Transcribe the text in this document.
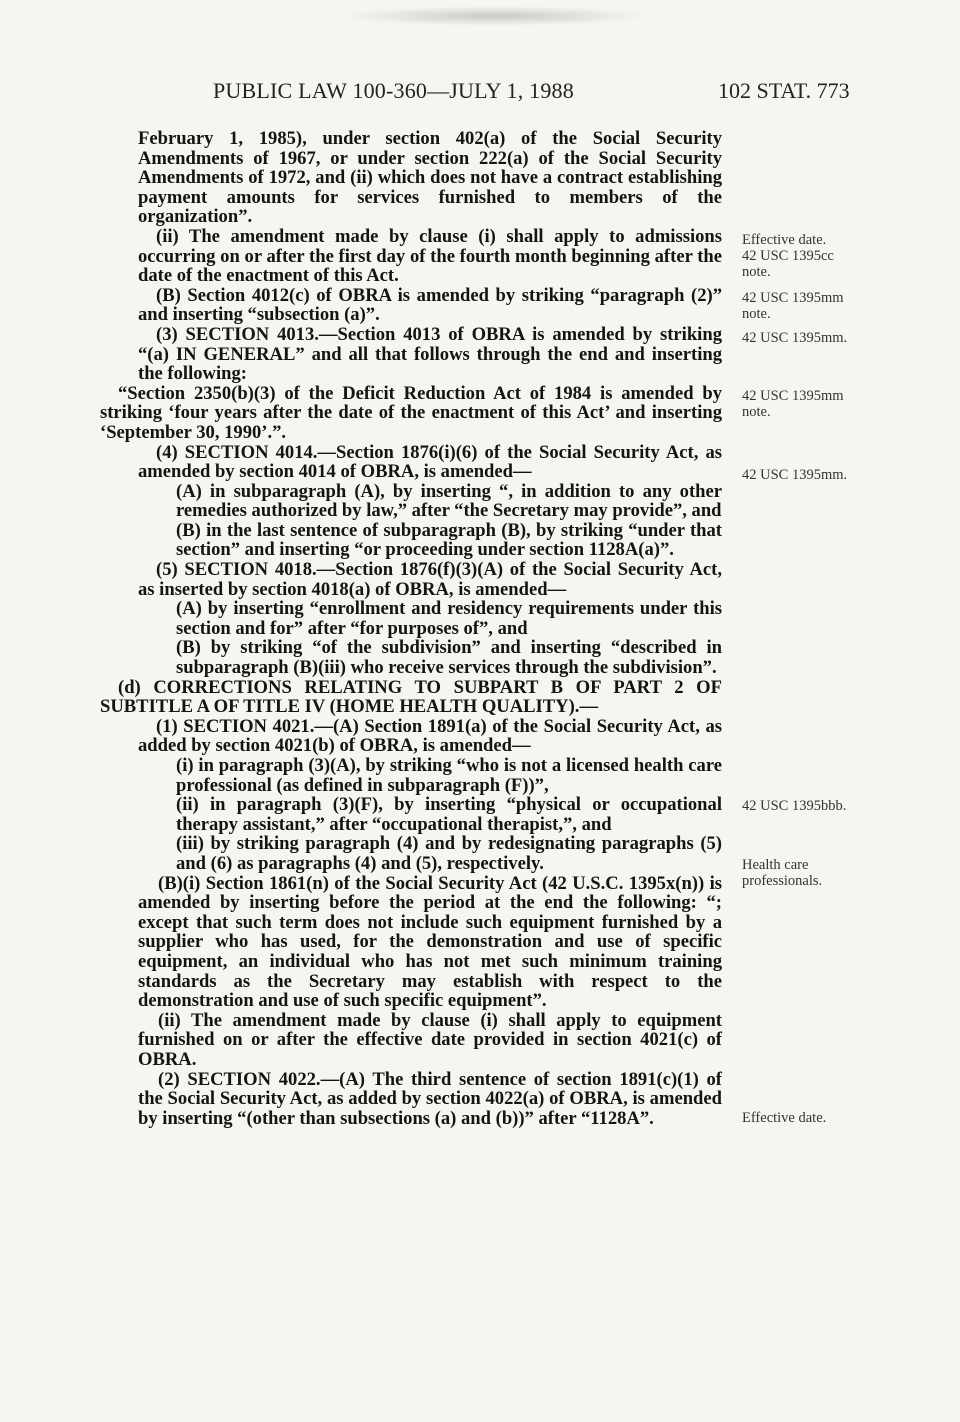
PUBLIC LAW 100-360—JULY 1, 1988	102 STAT. 773

February 1, 1985), under section 402(a) of the Social Security Amendments of 1967, or under section 222(a) of the Social Security Amendments of 1972, and (ii) which does not have a contract establishing payment amounts for services furnished to members of the organization”.

(ii) The amendment made by clause (i) shall apply to admissions occurring on or after the first day of the fourth month beginning after the date of the enactment of this Act.

(B) Section 4012(c) of OBRA is amended by striking “paragraph (2)” and inserting “subsection (a)”.

(3) SECTION 4013.—Section 4013 of OBRA is amended by striking “(a) IN GENERAL” and all that follows through the end and inserting the following:

“Section 2350(b)(3) of the Deficit Reduction Act of 1984 is amended by striking ‘four years after the date of the enactment of this Act’ and inserting ‘September 30, 1990’.”.

(4) SECTION 4014.—Section 1876(i)(6) of the Social Security Act, as amended by section 4014 of OBRA, is amended—

(A) in subparagraph (A), by inserting “, in addition to any other remedies authorized by law,” after “the Secretary may provide”, and

(B) in the last sentence of subparagraph (B), by striking “under that section” and inserting “or proceeding under section 1128A(a)”.

(5) SECTION 4018.—Section 1876(f)(3)(A) of the Social Security Act, as inserted by section 4018(a) of OBRA, is amended—

(A) by inserting “enrollment and residency requirements under this section and for” after “for purposes of”, and

(B) by striking “of the subdivision” and inserting “described in subparagraph (B)(iii) who receive services through the subdivision”.

(d) CORRECTIONS RELATING TO SUBPART B OF PART 2 OF SUBTITLE A OF TITLE IV (HOME HEALTH QUALITY).—

(1) SECTION 4021.—(A) Section 1891(a) of the Social Security Act, as added by section 4021(b) of OBRA, is amended—

(i) in paragraph (3)(A), by striking “who is not a licensed health care professional (as defined in subparagraph (F))”,

(ii) in paragraph (3)(F), by inserting “physical or occupational therapy assistant,” after “occupational therapist,”, and

(iii) by striking paragraph (4) and by redesignating paragraphs (5) and (6) as paragraphs (4) and (5), respectively.

(B)(i) Section 1861(n) of the Social Security Act (42 U.S.C. 1395x(n)) is amended by inserting before the period at the end the following: “; except that such term does not include such equipment furnished by a supplier who has used, for the demonstration and use of specific equipment, an individual who has not met such minimum training standards as the Secretary may establish with respect to the demonstration and use of such specific equipment”.

(ii) The amendment made by clause (i) shall apply to equipment furnished on or after the effective date provided in section 4021(c) of OBRA.

(2) SECTION 4022.—(A) The third sentence of section 1891(c)(1) of the Social Security Act, as added by section 4022(a) of OBRA, is amended by inserting “(other than subsections (a) and (b))” after “1128A”.

Effective date.
42 USC 1395cc
note.
42 USC 1395mm
note.
42 USC 1395mm.
42 USC 1395mm
note.
42 USC 1395mm.
42 USC 1395bbb.
Health care
professionals.
Effective date.
